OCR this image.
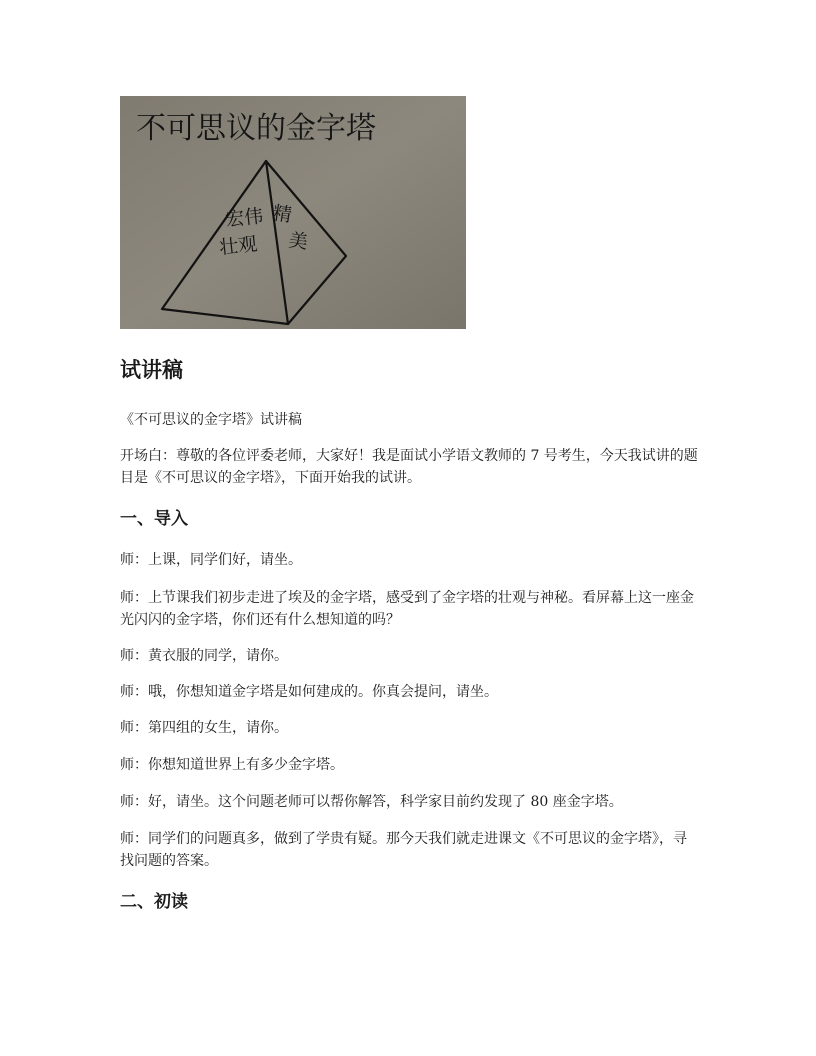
不可思议的金字塔
宏伟
壮观
精
美
试讲稿

《不可思议的金字塔》试讲稿

开场白：尊敬的各位评委老师，大家好！我是面试小学语文教师的 7 号考生，今天我试讲的题目是《不可思议的金字塔》，下面开始我的试讲。

一、导入

师：上课，同学们好，请坐。

师：上节课我们初步走进了埃及的金字塔，感受到了金字塔的壮观与神秘。看屏幕上这一座金光闪闪的金字塔，你们还有什么想知道的吗？

师：黄衣服的同学，请你。

师：哦，你想知道金字塔是如何建成的。你真会提问，请坐。

师：第四组的女生，请你。

师：你想知道世界上有多少金字塔。

师：好，请坐。这个问题老师可以帮你解答，科学家目前约发现了 80 座金字塔。

师：同学们的问题真多，做到了学贵有疑。那今天我们就走进课文《不可思议的金字塔》，寻找问题的答案。

二、初读
